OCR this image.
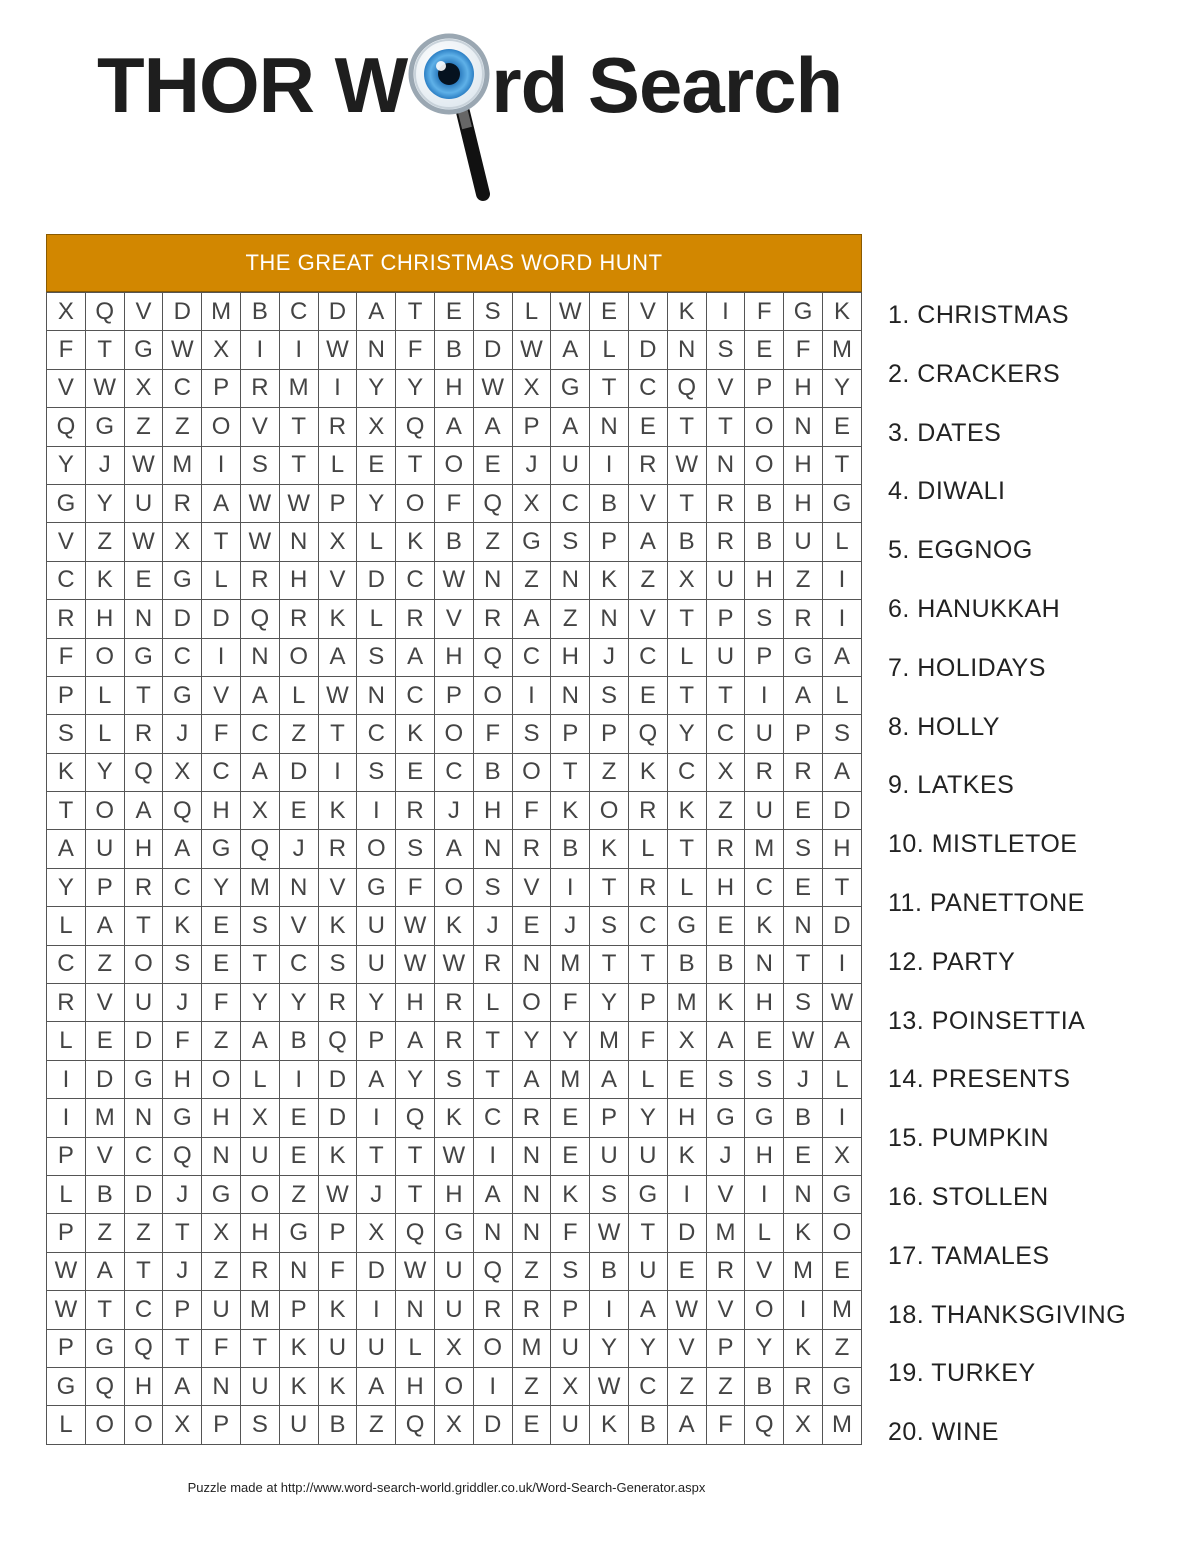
THOR W rd Search
THE GREAT CHRISTMAS WORD HUNT
X	Q	V	D	M	B	C	D	A	T	E	S	L	W	E	V	K	I	F	G	K
F	T	G	W	X	I	I	W	N	F	B	D	W	A	L	D	N	S	E	F	M
V	W	X	C	P	R	M	I	Y	Y	H	W	X	G	T	C	Q	V	P	H	Y
Q	G	Z	Z	O	V	T	R	X	Q	A	A	P	A	N	E	T	T	O	N	E
Y	J	W	M	I	S	T	L	E	T	O	E	J	U	I	R	W	N	O	H	T
G	Y	U	R	A	W	W	P	Y	O	F	Q	X	C	B	V	T	R	B	H	G
V	Z	W	X	T	W	N	X	L	K	B	Z	G	S	P	A	B	R	B	U	L
C	K	E	G	L	R	H	V	D	C	W	N	Z	N	K	Z	X	U	H	Z	I
R	H	N	D	D	Q	R	K	L	R	V	R	A	Z	N	V	T	P	S	R	I
F	O	G	C	I	N	O	A	S	A	H	Q	C	H	J	C	L	U	P	G	A
P	L	T	G	V	A	L	W	N	C	P	O	I	N	S	E	T	T	I	A	L
S	L	R	J	F	C	Z	T	C	K	O	F	S	P	P	Q	Y	C	U	P	S
K	Y	Q	X	C	A	D	I	S	E	C	B	O	T	Z	K	C	X	R	R	A
T	O	A	Q	H	X	E	K	I	R	J	H	F	K	O	R	K	Z	U	E	D
A	U	H	A	G	Q	J	R	O	S	A	N	R	B	K	L	T	R	M	S	H
Y	P	R	C	Y	M	N	V	G	F	O	S	V	I	T	R	L	H	C	E	T
L	A	T	K	E	S	V	K	U	W	K	J	E	J	S	C	G	E	K	N	D
C	Z	O	S	E	T	C	S	U	W	W	R	N	M	T	T	B	B	N	T	I
R	V	U	J	F	Y	Y	R	Y	H	R	L	O	F	Y	P	M	K	H	S	W
L	E	D	F	Z	A	B	Q	P	A	R	T	Y	Y	M	F	X	A	E	W	A
I	D	G	H	O	L	I	D	A	Y	S	T	A	M	A	L	E	S	S	J	L
I	M	N	G	H	X	E	D	I	Q	K	C	R	E	P	Y	H	G	G	B	I
P	V	C	Q	N	U	E	K	T	T	W	I	N	E	U	U	K	J	H	E	X
L	B	D	J	G	O	Z	W	J	T	H	A	N	K	S	G	I	V	I	N	G
P	Z	Z	T	X	H	G	P	X	Q	G	N	N	F	W	T	D	M	L	K	O
W	A	T	J	Z	R	N	F	D	W	U	Q	Z	S	B	U	E	R	V	M	E
W	T	C	P	U	M	P	K	I	N	U	R	R	P	I	A	W	V	O	I	M
P	G	Q	T	F	T	K	U	U	L	X	O	M	U	Y	Y	V	P	Y	K	Z
G	Q	H	A	N	U	K	K	A	H	O	I	Z	X	W	C	Z	Z	B	R	G
L	O	O	X	P	S	U	B	Z	Q	X	D	E	U	K	B	A	F	Q	X	M
1. CHRISTMAS
2. CRACKERS
3. DATES
4. DIWALI
5. EGGNOG
6. HANUKKAH
7. HOLIDAYS
8. HOLLY
9. LATKES
10. MISTLETOE
11. PANETTONE
12. PARTY
13. POINSETTIA
14. PRESENTS
15. PUMPKIN
16. STOLLEN
17. TAMALES
18. THANKSGIVING
19. TURKEY
20. WINE
Puzzle made at http://www.word-search-world.griddler.co.uk/Word-Search-Generator.aspx
